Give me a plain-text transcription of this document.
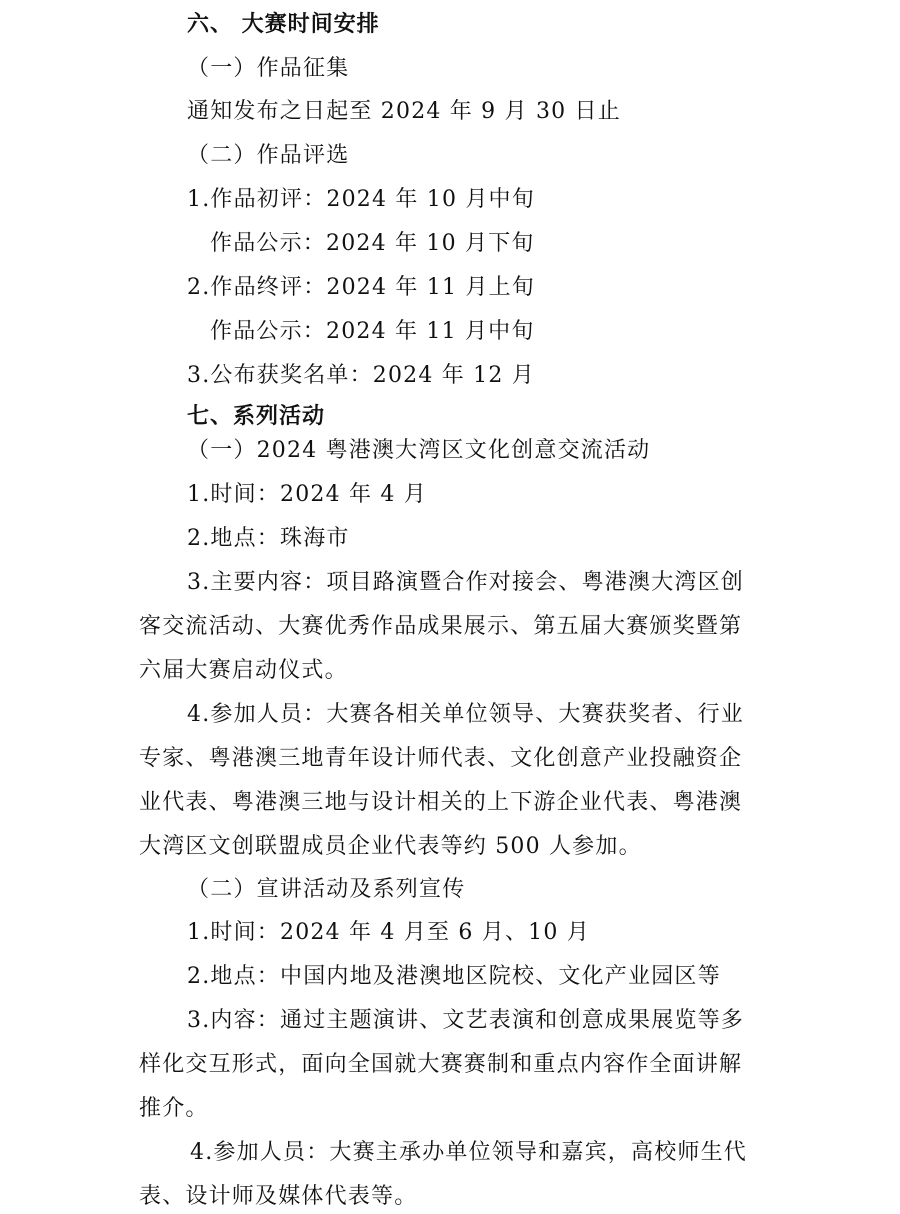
六、 大赛时间安排
（一）作品征集
通知发布之日起至 2024 年 9 月 30 日止
（二）作品评选
1.作品初评：2024 年 10 月中旬
作品公示：2024 年 10 月下旬
2.作品终评：2024 年 11 月上旬
作品公示：2024 年 11 月中旬
3.公布获奖名单：2024 年 12 月
七、系列活动
（一）2024 粤港澳大湾区文化创意交流活动
1.时间：2024 年 4 月
2.地点：珠海市
3.主要内容：项目路演暨合作对接会、粤港澳大湾区创
客交流活动、大赛优秀作品成果展示、第五届大赛颁奖暨第
六届大赛启动仪式。
4.参加人员：大赛各相关单位领导、大赛获奖者、行业
专家、粤港澳三地青年设计师代表、文化创意产业投融资企
业代表、粤港澳三地与设计相关的上下游企业代表、粤港澳
大湾区文创联盟成员企业代表等约 500 人参加。
（二）宣讲活动及系列宣传
1.时间：2024 年 4 月至 6 月、10 月
2.地点：中国内地及港澳地区院校、文化产业园区等
3.内容：通过主题演讲、文艺表演和创意成果展览等多
样化交互形式，面向全国就大赛赛制和重点内容作全面讲解
推介。
4.参加人员：大赛主承办单位领导和嘉宾，高校师生代
表、设计师及媒体代表等。
